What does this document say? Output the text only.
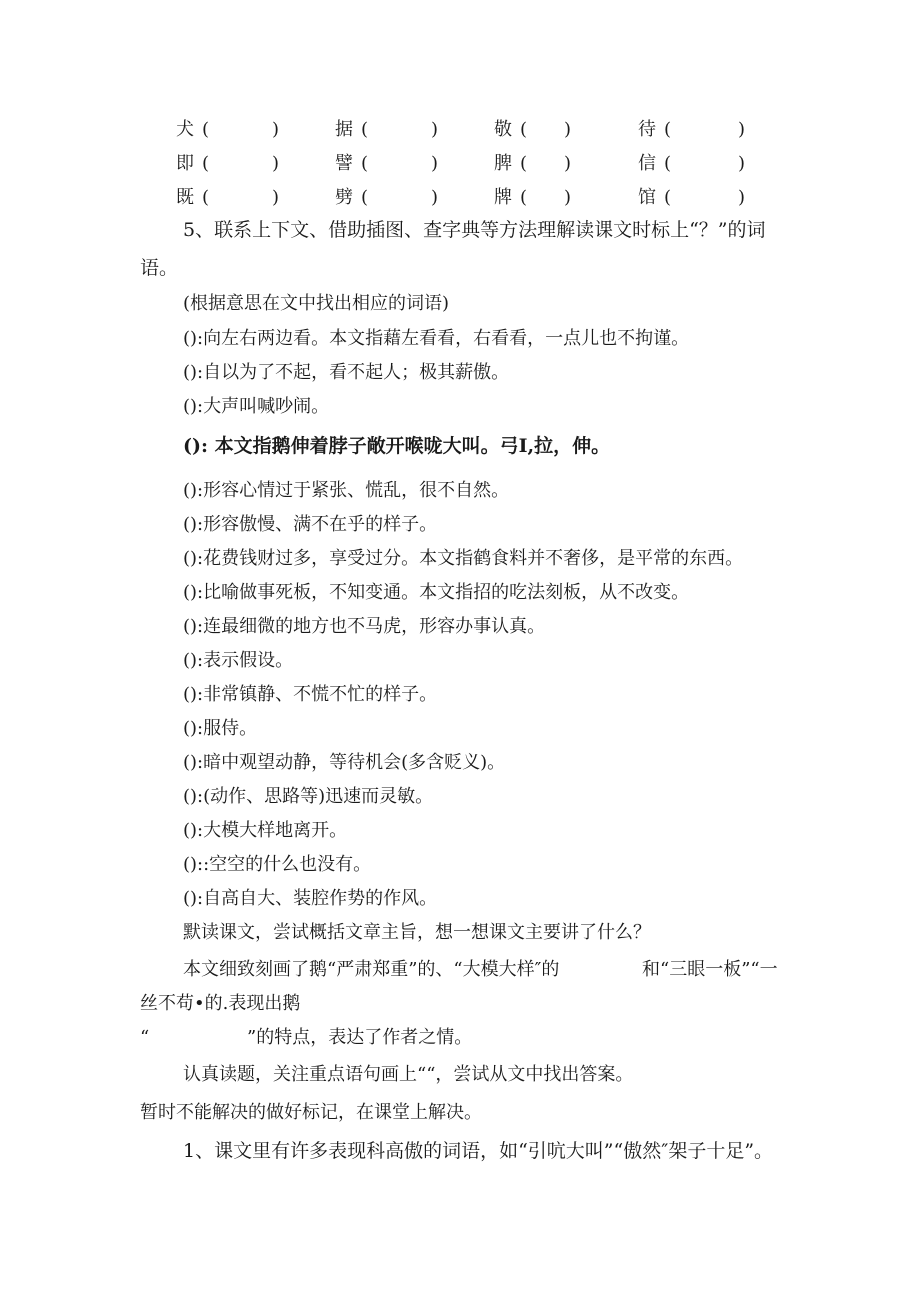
犬 (	)	据 (	)	敬 ( )	待 (	)
即 (	)	譬 (	)	脾 ( )	信 (	)
既 (	)	劈 (	)	牌 ( )	馆 (	)
5、联系上下文、借助插图、查字典等方法理解读课文时标上“？”的词
语。
(根据意思在文中找出相应的词语)
():向左右两边看。本文指藉左看看，右看看，一点儿也不拘谨。
():自以为了不起，看不起人；极其薪傲。
():大声叫喊吵闹。
(): 本文指鹅伸着脖子敞开喉咙大叫。弓I,拉，伸。
():形容心情过于紧张、慌乱，很不自然。
():形容傲慢、满不在乎的样子。
():花费钱财过多，享受过分。本文指鹤食料并不奢侈，是平常的东西。
():比喻做事死板，不知变通。本文指招的吃法刻板，从不改变。
():连最细微的地方也不马虎，形容办事认真。
():表示假设。
():非常镇静、不慌不忙的样子。
():服侍。
():暗中观望动静，等待机会(多含贬义)。
():(动作、思路等)迅速而灵敏。
():大模大样地离开。
()::空空的什么也没有。
():自高自大、装腔作势的作风。
默读课文，尝试概括文章主旨，想一想课文主要讲了什么？
本文细致刻画了鹅“严肃郑重”的、“大模大样″的	和“三眼一板”“一
丝不苟•的.表现出鹅
“	”的特点，表达了作者之情。
认真读题，关注重点语句画上““，尝试从文中找出答案。
暂时不能解决的做好标记，在课堂上解决。
1、课文里有许多表现科高傲的词语，如“引吭大叫”“傲然″架子十足”。
